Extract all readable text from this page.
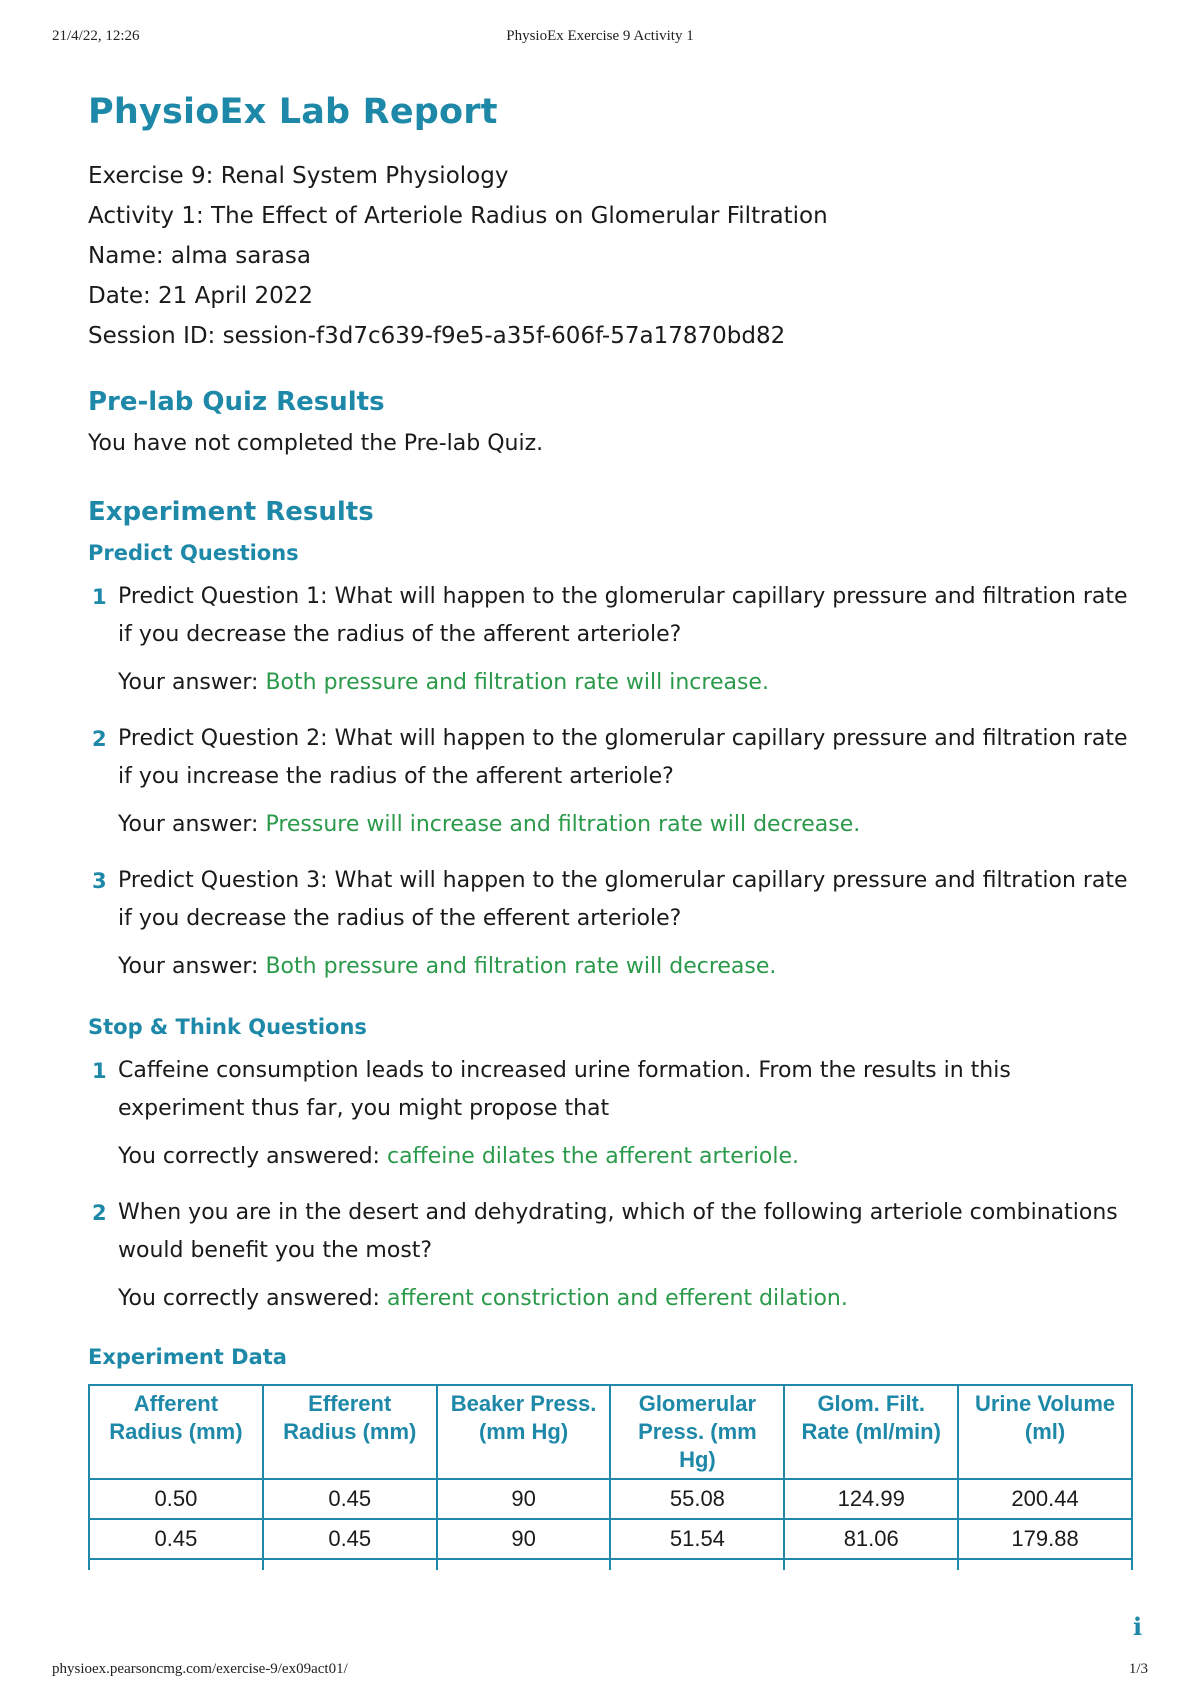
21/4/22, 12:26	PhysioEx Exercise 9 Activity 1
PhysioEx Lab Report

Exercise 9: Renal System Physiology

Activity 1: The Effect of Arteriole Radius on Glomerular Filtration

Name: alma sarasa

Date: 21 April 2022

Session ID: session-f3d7c639-f9e5-a35f-606f-57a17870bd82

Pre-lab Quiz Results

You have not completed the Pre-lab Quiz.

Experiment Results
Predict Questions
1 Predict Question 1: What will happen to the glomerular capillary pressure and filtration rate if you decrease the radius of the afferent arteriole?

Your answer: Both pressure and filtration rate will increase.

2 Predict Question 2: What will happen to the glomerular capillary pressure and filtration rate if you increase the radius of the afferent arteriole?

Your answer: Pressure will increase and filtration rate will decrease.

3 Predict Question 3: What will happen to the glomerular capillary pressure and filtration rate if you decrease the radius of the efferent arteriole?

Your answer: Both pressure and filtration rate will decrease.

Stop & Think Questions
1 Caffeine consumption leads to increased urine formation. From the results in this experiment thus far, you might propose that

You correctly answered: caffeine dilates the afferent arteriole.

2 When you are in the desert and dehydrating, which of the following arteriole combinations would benefit you the most?

You correctly answered: afferent constriction and efferent dilation.

Experiment Data
Afferent Radius (mm)	Efferent Radius (mm)	Beaker Press. (mm Hg)	Glomerular Press. (mm Hg)	Glom. Filt. Rate (ml/min)	Urine Volume (ml)
0.50	0.45	90	55.08	124.99	200.44
0.45	0.45	90	51.54	81.06	179.88

i
physioex.pearsoncmg.com/exercise-9/ex09act01/	1/3
